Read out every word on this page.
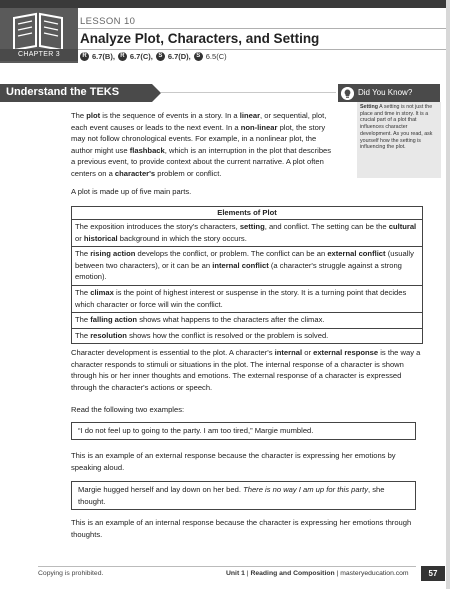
CHAPTER 3
LESSON 10
Analyze Plot, Characters, and Setting
R 6.7(B), R 6.7(C), S 6.7(D), S 6.5(C)
Understand the TEKS	Did You Know?
Setting A setting is not just the place and time in story. It is a crucial part of a plot that influences character development. As you read, ask yourself how the setting is influencing the plot.
The plot is the sequence of events in a story. In a linear, or sequential, plot, each event causes or leads to the next event. In a non-linear plot, the story may not follow chronological events. For example, in a nonlinear plot, the author might use flashback, which is an interruption in the plot that describes a previous event, to provide context about the current narrative. A plot often centers on a character's problem or conflict.
A plot is made up of five main parts.
Elements of Plot
The exposition introduces the story's characters, setting, and conflict. The setting can be the cultural or historical background in which the story occurs.
The rising action develops the conflict, or problem. The conflict can be an external conflict (usually between two characters), or it can be an internal conflict (a character's struggle against a strong emotion).
The climax is the point of highest interest or suspense in the story. It is a turning point that decides which character or force will win the conflict.
The falling action shows what happens to the characters after the climax.
The resolution shows how the conflict is resolved or the problem is solved.
Character development is essential to the plot. A character's internal or external response is the way a character responds to stimuli or situations in the plot. The internal response of a character is shown through his or her inner thoughts and emotions. The external response of a character is expressed through the character's actions or speech.
Read the following two examples:
“I do not feel up to going to the party. I am too tired,” Margie mumbled.
This is an example of an external response because the character is expressing her emotions by speaking aloud.
Margie hugged herself and lay down on her bed. There is no way I am up for this party, she thought.
This is an example of an internal response because the character is expressing her emotions through thoughts.
Copying is prohibited.	Unit 1 | Reading and Composition | masteryeducation.com	57
